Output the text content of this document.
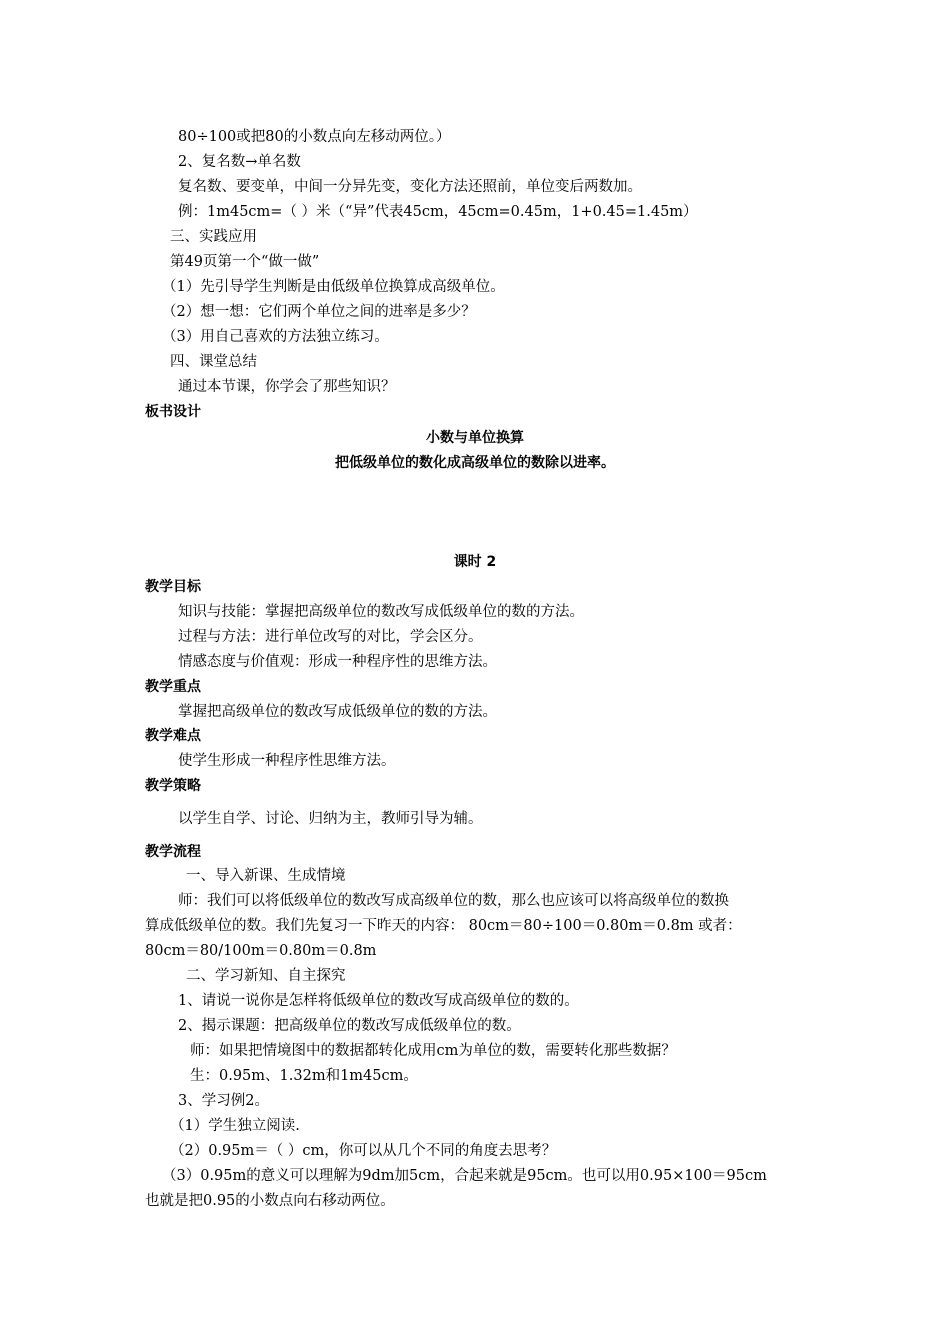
80÷100或把80的小数点向左移动两位。）
2、复名数→单名数
复名数、要变单，中间一分异先变，变化方法还照前，单位变后两数加。
例：1m45cm=（ ）米（“异”代表45cm，45cm=0.45m，1+0.45=1.45m）
三、实践应用
第49页第一个“做一做”
（1）先引导学生判断是由低级单位换算成高级单位。
（2）想一想：它们两个单位之间的进率是多少？
（3）用自己喜欢的方法独立练习。
四、课堂总结
通过本节课，你学会了那些知识？
板书设计
小数与单位换算
把低级单位的数化成高级单位的数除以进率。
课时 2
教学目标
知识与技能：掌握把高级单位的数改写成低级单位的数的方法。
过程与方法：进行单位改写的对比，学会区分。
情感态度与价值观：形成一种程序性的思维方法。
教学重点
掌握把高级单位的数改写成低级单位的数的方法。
教学难点
使学生形成一种程序性思维方法。
教学策略
以学生自学、讨论、归纳为主，教师引导为辅。
教学流程
一、导入新课、生成情境
师：我们可以将低级单位的数改写成高级单位的数，那么也应该可以将高级单位的数换
算成低级单位的数。我们先复习一下昨天的内容： 80cm＝80÷100＝0.80m＝0.8m 或者：
80cm＝80/100m＝0.80m＝0.8m
二、学习新知、自主探究
1、请说一说你是怎样将低级单位的数改写成高级单位的数的。
2、揭示课题：把高级单位的数改写成低级单位的数。
师：如果把情境图中的数据都转化成用cm为单位的数，需要转化那些数据？
生：0.95m、1.32m和1m45cm。
3、学习例2。
（1）学生独立阅读.
（2）0.95m＝（ ）cm，你可以从几个不同的角度去思考？
（3）0.95m的意义可以理解为9dm加5cm，合起来就是95cm。也可以用0.95×100＝95cm
也就是把0.95的小数点向右移动两位。
